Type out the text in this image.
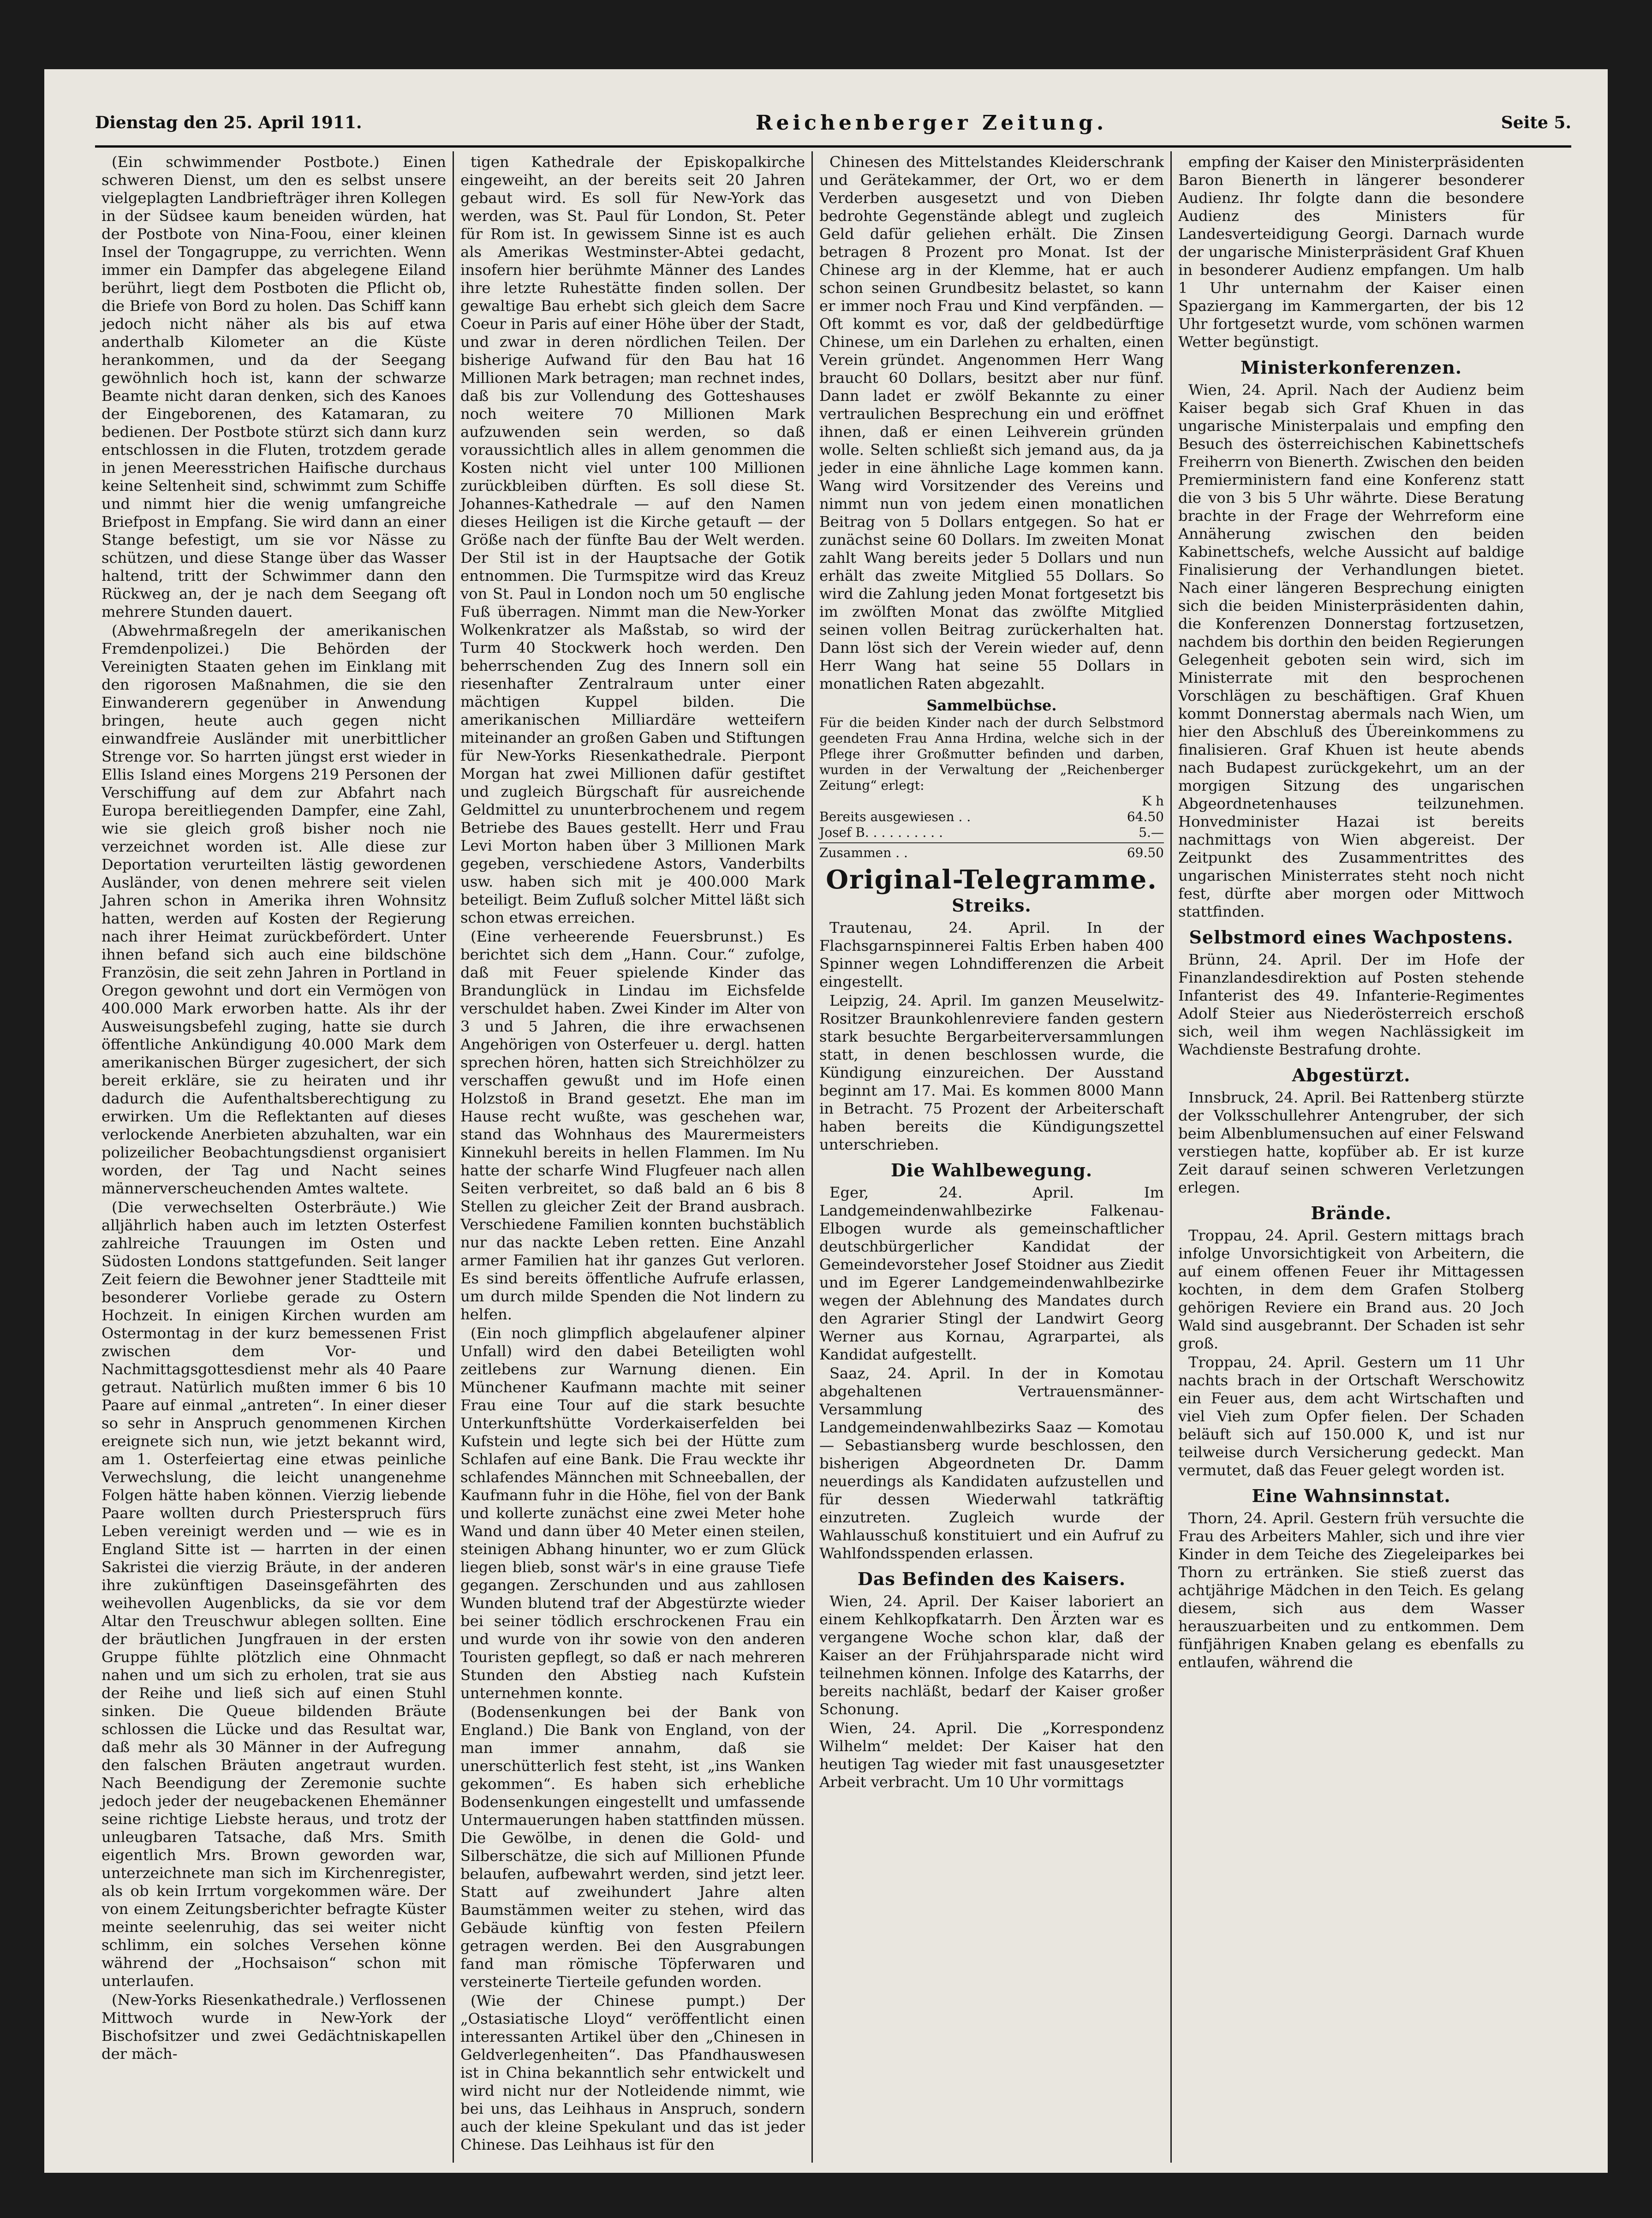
Dienstag den 25. April 1911.	Reichenberger Zeitung.	Seite 5.

(Ein schwimmender Postbote.) Einen schweren Dienst, um den es selbst unsere vielgeplagten Landbriefträger ihren Kollegen in der Südsee kaum beneiden würden, hat der Postbote von Nina-Foou, einer kleinen Insel der Tongagruppe, zu verrichten. Wenn immer ein Dampfer das abgelegene Eiland berührt, liegt dem Postboten die Pflicht ob, die Briefe von Bord zu holen. Das Schiff kann jedoch nicht näher als bis auf etwa anderthalb Kilometer an die Küste herankommen, und da der Seegang gewöhnlich hoch ist, kann der schwarze Beamte nicht daran denken, sich des Kanoes der Eingeborenen, des Katamaran, zu bedienen. Der Postbote stürzt sich dann kurz entschlossen in die Fluten, trotzdem gerade in jenen Meeresstrichen Haifische durchaus keine Seltenheit sind, schwimmt zum Schiffe und nimmt hier die wenig umfangreiche Briefpost in Empfang. Sie wird dann an einer Stange befestigt, um sie vor Nässe zu schützen, und diese Stange über das Wasser haltend, tritt der Schwimmer dann den Rückweg an, der je nach dem Seegang oft mehrere Stunden dauert.

(Abwehrmaßregeln der amerikanischen Fremdenpolizei.) Die Behörden der Vereinigten Staaten gehen im Einklang mit den rigorosen Maßnahmen, die sie den Einwanderern gegenüber in Anwendung bringen, heute auch gegen nicht einwandfreie Ausländer mit unerbittlicher Strenge vor. So harrten jüngst erst wieder in Ellis Island eines Morgens 219 Personen der Verschiffung auf dem zur Abfahrt nach Europa bereitliegenden Dampfer, eine Zahl, wie sie gleich groß bisher noch nie verzeichnet worden ist. Alle diese zur Deportation verurteilten lästig gewordenen Ausländer, von denen mehrere seit vielen Jahren schon in Amerika ihren Wohnsitz hatten, werden auf Kosten der Regierung nach ihrer Heimat zurückbefördert. Unter ihnen befand sich auch eine bildschöne Französin, die seit zehn Jahren in Portland in Oregon gewohnt und dort ein Vermögen von 400.000 Mark erworben hatte. Als ihr der Ausweisungsbefehl zuging, hatte sie durch öffentliche Ankündigung 40.000 Mark dem amerikanischen Bürger zugesichert, der sich bereit erkläre, sie zu heiraten und ihr dadurch die Aufenthaltsberechtigung zu erwirken. Um die Reflektanten auf dieses verlockende Anerbieten abzuhalten, war ein polizeilicher Beobachtungsdienst organisiert worden, der Tag und Nacht seines männerverscheuchenden Amtes waltete.

(Die verwechselten Osterbräute.) Wie alljährlich haben auch im letzten Osterfest zahlreiche Trauungen im Osten und Südosten Londons stattgefunden. Seit langer Zeit feiern die Bewohner jener Stadtteile mit besonderer Vorliebe gerade zu Ostern Hochzeit. In einigen Kirchen wurden am Ostermontag in der kurz bemessenen Frist zwischen dem Vor- und Nachmittagsgottesdienst mehr als 40 Paare getraut. Natürlich mußten immer 6 bis 10 Paare auf einmal „antreten“. In einer dieser so sehr in Anspruch genommenen Kirchen ereignete sich nun, wie jetzt bekannt wird, am 1. Osterfeiertag eine etwas peinliche Verwechslung, die leicht unangenehme Folgen hätte haben können. Vierzig liebende Paare wollten durch Priesterspruch fürs Leben vereinigt werden und — wie es in England Sitte ist — harrten in der einen Sakristei die vierzig Bräute, in der anderen ihre zukünftigen Daseinsgefährten des weihevollen Augenblicks, da sie vor dem Altar den Treuschwur ablegen sollten. Eine der bräutlichen Jungfrauen in der ersten Gruppe fühlte plötzlich eine Ohnmacht nahen und um sich zu erholen, trat sie aus der Reihe und ließ sich auf einen Stuhl sinken. Die Queue bildenden Bräute schlossen die Lücke und das Resultat war, daß mehr als 30 Männer in der Aufregung den falschen Bräuten angetraut wurden. Nach Beendigung der Zeremonie suchte jedoch jeder der neugebackenen Ehemänner seine richtige Liebste heraus, und trotz der unleugbaren Tatsache, daß Mrs. Smith eigentlich Mrs. Brown geworden war, unterzeichnete man sich im Kirchenregister, als ob kein Irrtum vorgekommen wäre. Der von einem Zeitungsberichter befragte Küster meinte seelenruhig, das sei weiter nicht schlimm, ein solches Versehen könne während der „Hochsaison“ schon mit unterlaufen.

(New-Yorks Riesenkathedrale.) Verflossenen Mittwoch wurde in New-York der Bischofsitzer und zwei Gedächtniskapellen der mäch-

tigen Kathedrale der Episkopalkirche eingeweiht, an der bereits seit 20 Jahren gebaut wird. Es soll für New-York das werden, was St. Paul für London, St. Peter für Rom ist. In gewissem Sinne ist es auch als Amerikas Westminster-Abtei gedacht, insofern hier berühmte Männer des Landes ihre letzte Ruhestätte finden sollen. Der gewaltige Bau erhebt sich gleich dem Sacre Coeur in Paris auf einer Höhe über der Stadt, und zwar in deren nördlichen Teilen. Der bisherige Aufwand für den Bau hat 16 Millionen Mark betragen; man rechnet indes, daß bis zur Vollendung des Gotteshauses noch weitere 70 Millionen Mark aufzuwenden sein werden, so daß voraussichtlich alles in allem genommen die Kosten nicht viel unter 100 Millionen zurückbleiben dürften. Es soll diese St. Johannes-Kathedrale — auf den Namen dieses Heiligen ist die Kirche getauft — der Größe nach der fünfte Bau der Welt werden. Der Stil ist in der Hauptsache der Gotik entnommen. Die Turmspitze wird das Kreuz von St. Paul in London noch um 50 englische Fuß überragen. Nimmt man die New-Yorker Wolkenkratzer als Maßstab, so wird der Turm 40 Stockwerk hoch werden. Den beherrschenden Zug des Innern soll ein riesenhafter Zentralraum unter einer mächtigen Kuppel bilden. Die amerikanischen Milliardäre wetteifern miteinander an großen Gaben und Stiftungen für New-Yorks Riesenkathedrale. Pierpont Morgan hat zwei Millionen dafür gestiftet und zugleich Bürgschaft für ausreichende Geldmittel zu ununterbrochenem und regem Betriebe des Baues gestellt. Herr und Frau Levi Morton haben über 3 Millionen Mark gegeben, verschiedene Astors, Vanderbilts usw. haben sich mit je 400.000 Mark beteiligt. Beim Zufluß solcher Mittel läßt sich schon etwas erreichen.

(Eine verheerende Feuersbrunst.) Es berichtet sich dem „Hann. Cour.“ zufolge, daß mit Feuer spielende Kinder das Brandunglück in Lindau im Eichsfelde verschuldet haben. Zwei Kinder im Alter von 3 und 5 Jahren, die ihre erwachsenen Angehörigen von Osterfeuer u. dergl. hatten sprechen hören, hatten sich Streichhölzer zu verschaffen gewußt und im Hofe einen Holzstoß in Brand gesetzt. Ehe man im Hause recht wußte, was geschehen war, stand das Wohnhaus des Maurermeisters Kinnekuhl bereits in hellen Flammen. Im Nu hatte der scharfe Wind Flugfeuer nach allen Seiten verbreitet, so daß bald an 6 bis 8 Stellen zu gleicher Zeit der Brand ausbrach. Verschiedene Familien konnten buchstäblich nur das nackte Leben retten. Eine Anzahl armer Familien hat ihr ganzes Gut verloren. Es sind bereits öffentliche Aufrufe erlassen, um durch milde Spenden die Not lindern zu helfen.

(Ein noch glimpflich abgelaufener alpiner Unfall) wird den dabei Beteiligten wohl zeitlebens zur Warnung dienen. Ein Münchener Kaufmann machte mit seiner Frau eine Tour auf die stark besuchte Unterkunftshütte Vorderkaiserfelden bei Kufstein und legte sich bei der Hütte zum Schlafen auf eine Bank. Die Frau weckte ihr schlafendes Männchen mit Schneeballen, der Kaufmann fuhr in die Höhe, fiel von der Bank und kollerte zunächst eine zwei Meter hohe Wand und dann über 40 Meter einen steilen, steinigen Abhang hinunter, wo er zum Glück liegen blieb, sonst wär's in eine grause Tiefe gegangen. Zerschunden und aus zahllosen Wunden blutend traf der Abgestürzte wieder bei seiner tödlich erschrockenen Frau ein und wurde von ihr sowie von den anderen Touristen gepflegt, so daß er nach mehreren Stunden den Abstieg nach Kufstein unternehmen konnte.

(Bodensenkungen bei der Bank von England.) Die Bank von England, von der man immer annahm, daß sie unerschütterlich fest steht, ist „ins Wanken gekommen“. Es haben sich erhebliche Bodensenkungen eingestellt und umfassende Untermauerungen haben stattfinden müssen. Die Gewölbe, in denen die Gold- und Silberschätze, die sich auf Millionen Pfunde belaufen, aufbewahrt werden, sind jetzt leer. Statt auf zweihundert Jahre alten Baumstämmen weiter zu stehen, wird das Gebäude künftig von festen Pfeilern getragen werden. Bei den Ausgrabungen fand man römische Töpferwaren und versteinerte Tierteile gefunden worden.

(Wie der Chinese pumpt.) Der „Ostasiatische Lloyd“ veröffentlicht einen interessanten Artikel über den „Chinesen in Geldverlegenheiten“. Das Pfandhauswesen ist in China bekanntlich sehr entwickelt und wird nicht nur der Notleidende nimmt, wie bei uns, das Leihhaus in Anspruch, sondern auch der kleine Spekulant und das ist jeder Chinese. Das Leihhaus ist für den

Chinesen des Mittelstandes Kleiderschrank und Gerätekammer, der Ort, wo er dem Verderben ausgesetzt und von Dieben bedrohte Gegenstände ablegt und zugleich Geld dafür geliehen erhält. Die Zinsen betragen 8 Prozent pro Monat. Ist der Chinese arg in der Klemme, hat er auch schon seinen Grundbesitz belastet, so kann er immer noch Frau und Kind verpfänden. — Oft kommt es vor, daß der geldbedürftige Chinese, um ein Darlehen zu erhalten, einen Verein gründet. Angenommen Herr Wang braucht 60 Dollars, besitzt aber nur fünf. Dann ladet er zwölf Bekannte zu einer vertraulichen Besprechung ein und eröffnet ihnen, daß er einen Leihverein gründen wolle. Selten schließt sich jemand aus, da ja jeder in eine ähnliche Lage kommen kann. Wang wird Vorsitzender des Vereins und nimmt nun von jedem einen monatlichen Beitrag von 5 Dollars entgegen. So hat er zunächst seine 60 Dollars. Im zweiten Monat zahlt Wang bereits jeder 5 Dollars und nun erhält das zweite Mitglied 55 Dollars. So wird die Zahlung jeden Monat fortgesetzt bis im zwölften Monat das zwölfte Mitglied seinen vollen Beitrag zurückerhalten hat. Dann löst sich der Verein wieder auf, denn Herr Wang hat seine 55 Dollars in monatlichen Raten abgezahlt.

Sammelbüchse.
Für die beiden Kinder nach der durch Selbstmord geendeten Frau Anna Hrdina, welche sich in der Pflege ihrer Großmutter befinden und darben, wurden in der Verwaltung der „Reichenberger Zeitung“ erlegt:
K h
Bereits ausgewiesen . .	64.50
Josef B. . . . . . . . . .	5.—
Zusammen . .	69.50
Original-Telegramme.
Streiks.

Trautenau, 24. April. In der Flachsgarnspinnerei Faltis Erben haben 400 Spinner wegen Lohndifferenzen die Arbeit eingestellt.

Leipzig, 24. April. Im ganzen Meuselwitz-Rositzer Braunkohlenreviere fanden gestern stark besuchte Bergarbeiterversammlungen statt, in denen beschlossen wurde, die Kündigung einzureichen. Der Ausstand beginnt am 17. Mai. Es kommen 8000 Mann in Betracht. 75 Prozent der Arbeiterschaft haben bereits die Kündigungszettel unterschrieben.

Die Wahlbewegung.

Eger, 24. April. Im Landgemeindenwahlbezirke Falkenau-Elbogen wurde als gemeinschaftlicher deutschbürgerlicher Kandidat der Gemeindevorsteher Josef Stoidner aus Ziedit und im Egerer Landgemeindenwahlbezirke wegen der Ablehnung des Mandates durch den Agrarier Stingl der Landwirt Georg Werner aus Kornau, Agrarpartei, als Kandidat aufgestellt.

Saaz, 24. April. In der in Komotau abgehaltenen Vertrauensmänner-Versammlung des Landgemeindenwahlbezirks Saaz — Komotau — Sebastiansberg wurde beschlossen, den bisherigen Abgeordneten Dr. Damm neuerdings als Kandidaten aufzustellen und für dessen Wiederwahl tatkräftig einzutreten. Zugleich wurde der Wahlausschuß konstituiert und ein Aufruf zu Wahlfondsspenden erlassen.

Das Befinden des Kaisers.

Wien, 24. April. Der Kaiser laboriert an einem Kehlkopfkatarrh. Den Ärzten war es vergangene Woche schon klar, daß der Kaiser an der Frühjahrsparade nicht wird teilnehmen können. Infolge des Katarrhs, der bereits nachläßt, bedarf der Kaiser großer Schonung.

Wien, 24. April. Die „Korrespondenz Wilhelm“ meldet: Der Kaiser hat den heutigen Tag wieder mit fast unausgesetzter Arbeit verbracht. Um 10 Uhr vormittags

empfing der Kaiser den Ministerpräsidenten Baron Bienerth in längerer besonderer Audienz. Ihr folgte dann die besondere Audienz des Ministers für Landesverteidigung Georgi. Darnach wurde der ungarische Ministerpräsident Graf Khuen in besonderer Audienz empfangen. Um halb 1 Uhr unternahm der Kaiser einen Spaziergang im Kammergarten, der bis 12 Uhr fortgesetzt wurde, vom schönen warmen Wetter begünstigt.

Ministerkonferenzen.

Wien, 24. April. Nach der Audienz beim Kaiser begab sich Graf Khuen in das ungarische Ministerpalais und empfing den Besuch des österreichischen Kabinettschefs Freiherrn von Bienerth. Zwischen den beiden Premierministern fand eine Konferenz statt die von 3 bis 5 Uhr währte. Diese Beratung brachte in der Frage der Wehrreform eine Annäherung zwischen den beiden Kabinettschefs, welche Aussicht auf baldige Finalisierung der Verhandlungen bietet. Nach einer längeren Besprechung einigten sich die beiden Ministerpräsidenten dahin, die Konferenzen Donnerstag fortzusetzen, nachdem bis dorthin den beiden Regierungen Gelegenheit geboten sein wird, sich im Ministerrate mit den besprochenen Vorschlägen zu beschäftigen. Graf Khuen kommt Donnerstag abermals nach Wien, um hier den Abschluß des Übereinkommens zu finalisieren. Graf Khuen ist heute abends nach Budapest zurückgekehrt, um an der morgigen Sitzung des ungarischen Abgeordnetenhauses teilzunehmen. Honvedminister Hazai ist bereits nachmittags von Wien abgereist. Der Zeitpunkt des Zusammentrittes des ungarischen Ministerrates steht noch nicht fest, dürfte aber morgen oder Mittwoch stattfinden.

Selbstmord eines Wachpostens.

Brünn, 24. April. Der im Hofe der Finanzlandesdirektion auf Posten stehende Infanterist des 49. Infanterie-Regimentes Adolf Steier aus Niederösterreich erschoß sich, weil ihm wegen Nachlässigkeit im Wachdienste Bestrafung drohte.

Abgestürzt.

Innsbruck, 24. April. Bei Rattenberg stürzte der Volksschullehrer Antengruber, der sich beim Albenblumensuchen auf einer Felswand verstiegen hatte, kopfüber ab. Er ist kurze Zeit darauf seinen schweren Verletzungen erlegen.

Brände.

Troppau, 24. April. Gestern mittags brach infolge Unvorsichtigkeit von Arbeitern, die auf einem offenen Feuer ihr Mittagessen kochten, in dem dem Grafen Stolberg gehörigen Reviere ein Brand aus. 20 Joch Wald sind ausgebrannt. Der Schaden ist sehr groß.

Troppau, 24. April. Gestern um 11 Uhr nachts brach in der Ortschaft Werschowitz ein Feuer aus, dem acht Wirtschaften und viel Vieh zum Opfer fielen. Der Schaden beläuft sich auf 150.000 K, und ist nur teilweise durch Versicherung gedeckt. Man vermutet, daß das Feuer gelegt worden ist.

Eine Wahnsinnstat.

Thorn, 24. April. Gestern früh versuchte die Frau des Arbeiters Mahler, sich und ihre vier Kinder in dem Teiche des Ziegeleiparkes bei Thorn zu ertränken. Sie stieß zuerst das achtjährige Mädchen in den Teich. Es gelang diesem, sich aus dem Wasser herauszuarbeiten und zu entkommen. Dem fünfjährigen Knaben gelang es ebenfalls zu entlaufen, während die
